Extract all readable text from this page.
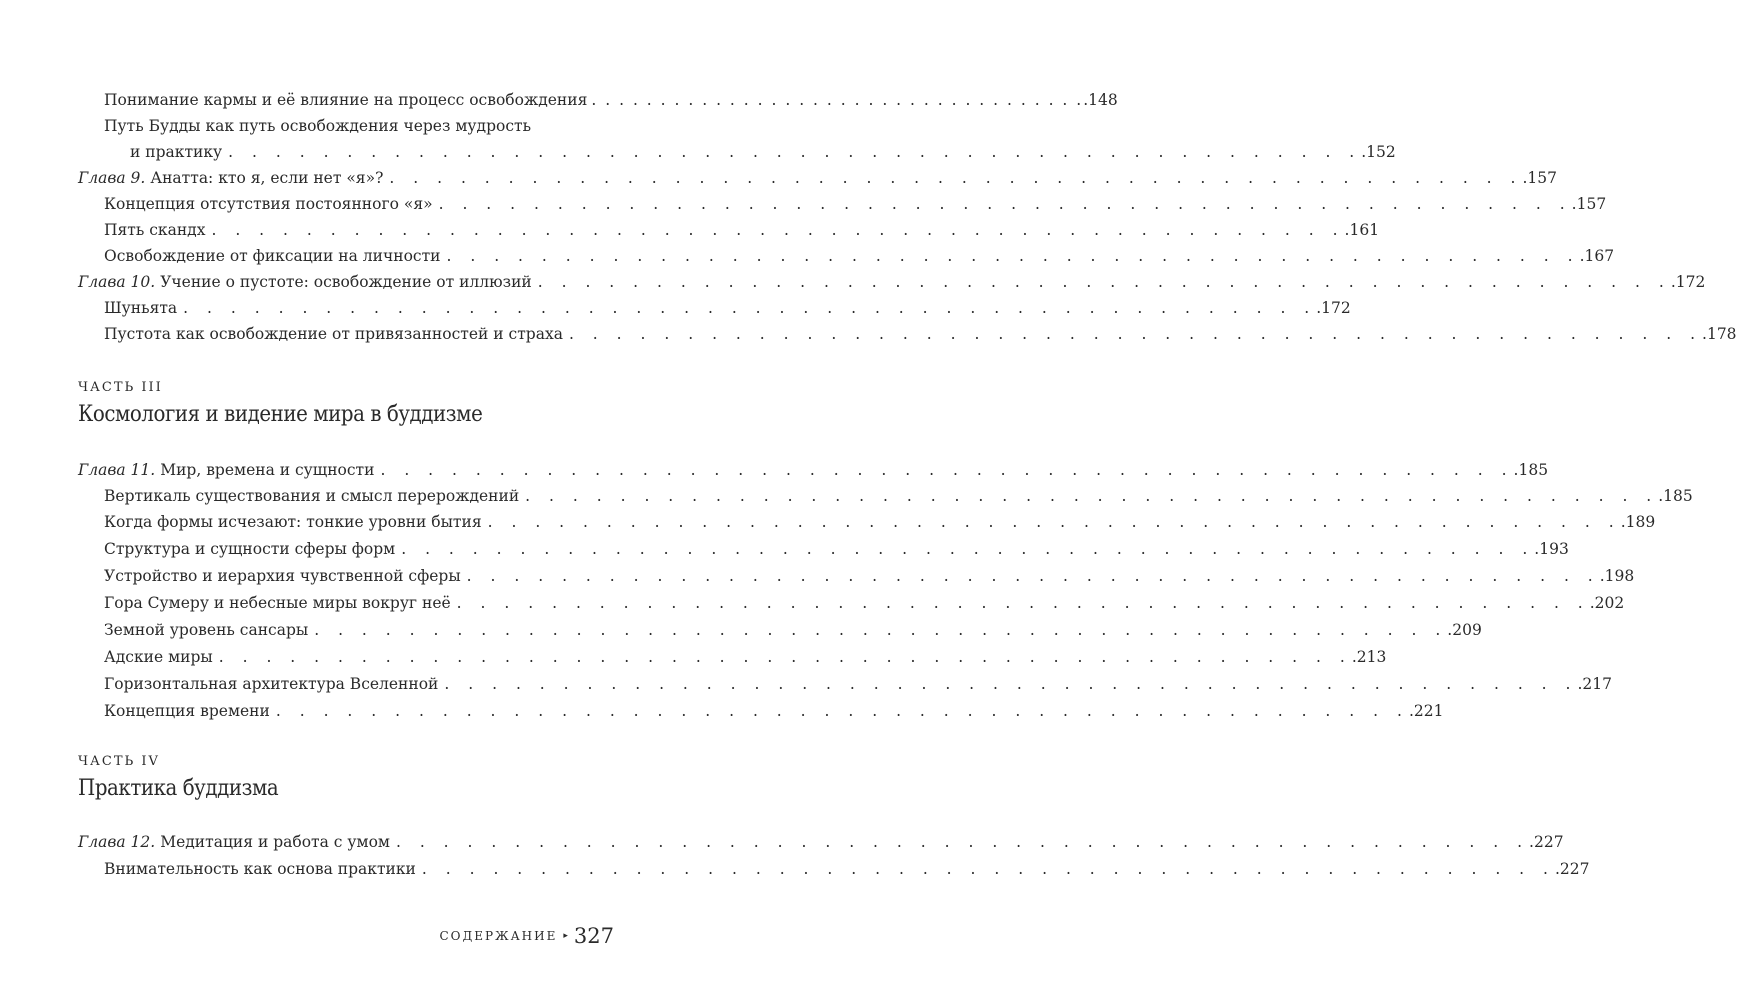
Понимание кармы и её влияние на процесс освобождения . . . . . . . . . . . . . . . . . . . . . . . . . . . . . . . . . . . . .148
Путь Будды как путь освобождения через мудрость
и практику . . . . . . . . . . . . . . . . . . . . . . . . . . . . . . . . . . . . . . . . . . . . . . . . .152
Глава 9. Анатта: кто я, если нет «я»? . . . . . . . . . . . . . . . . . . . . . . . . . . . . . . . . . . . . . . . . . . . . . . . . .157
Концепция отсутствия постоянного «я» . . . . . . . . . . . . . . . . . . . . . . . . . . . . . . . . . . . . . . . . . . . . . . . . .157
Пять скандх . . . . . . . . . . . . . . . . . . . . . . . . . . . . . . . . . . . . . . . . . . . . . . . . .161
Освобождение от фиксации на личности . . . . . . . . . . . . . . . . . . . . . . . . . . . . . . . . . . . . . . . . . . . . . . . . .167
Глава 10. Учение о пустоте: освобождение от иллюзий . . . . . . . . . . . . . . . . . . . . . . . . . . . . . . . . . . . . . . . . . . . . . . . . .172
Шуньята . . . . . . . . . . . . . . . . . . . . . . . . . . . . . . . . . . . . . . . . . . . . . . . . .172
Пустота как освобождение от привязанностей и страха . . . . . . . . . . . . . . . . . . . . . . . . . . . . . . . . . . . . . . . . . . . . . . . . .178
ЧАСТЬ III
Космология и видение мира в буддизме
Глава 11. Мир, времена и сущности . . . . . . . . . . . . . . . . . . . . . . . . . . . . . . . . . . . . . . . . . . . . . . . . .185
Вертикаль существования и смысл перерождений . . . . . . . . . . . . . . . . . . . . . . . . . . . . . . . . . . . . . . . . . . . . . . . . .185
Когда формы исчезают: тонкие уровни бытия . . . . . . . . . . . . . . . . . . . . . . . . . . . . . . . . . . . . . . . . . . . . . . . . .189
Структура и сущности сферы форм . . . . . . . . . . . . . . . . . . . . . . . . . . . . . . . . . . . . . . . . . . . . . . . . .193
Устройство и иерархия чувственной сферы . . . . . . . . . . . . . . . . . . . . . . . . . . . . . . . . . . . . . . . . . . . . . . . . .198
Гора Сумеру и небесные миры вокруг неё . . . . . . . . . . . . . . . . . . . . . . . . . . . . . . . . . . . . . . . . . . . . . . . . .202
Земной уровень сансары . . . . . . . . . . . . . . . . . . . . . . . . . . . . . . . . . . . . . . . . . . . . . . . . .209
Адские миры . . . . . . . . . . . . . . . . . . . . . . . . . . . . . . . . . . . . . . . . . . . . . . . . .213
Горизонтальная архитектура Вселенной . . . . . . . . . . . . . . . . . . . . . . . . . . . . . . . . . . . . . . . . . . . . . . . . .217
Концепция времени . . . . . . . . . . . . . . . . . . . . . . . . . . . . . . . . . . . . . . . . . . . . . . . . .221
ЧАСТЬ IV
Практика буддизма
Глава 12. Медитация и работа с умом . . . . . . . . . . . . . . . . . . . . . . . . . . . . . . . . . . . . . . . . . . . . . . . . .227
Внимательность как основа практики . . . . . . . . . . . . . . . . . . . . . . . . . . . . . . . . . . . . . . . . . . . . . . . . .227
СОДЕРЖАНИЕ ▸ 327
